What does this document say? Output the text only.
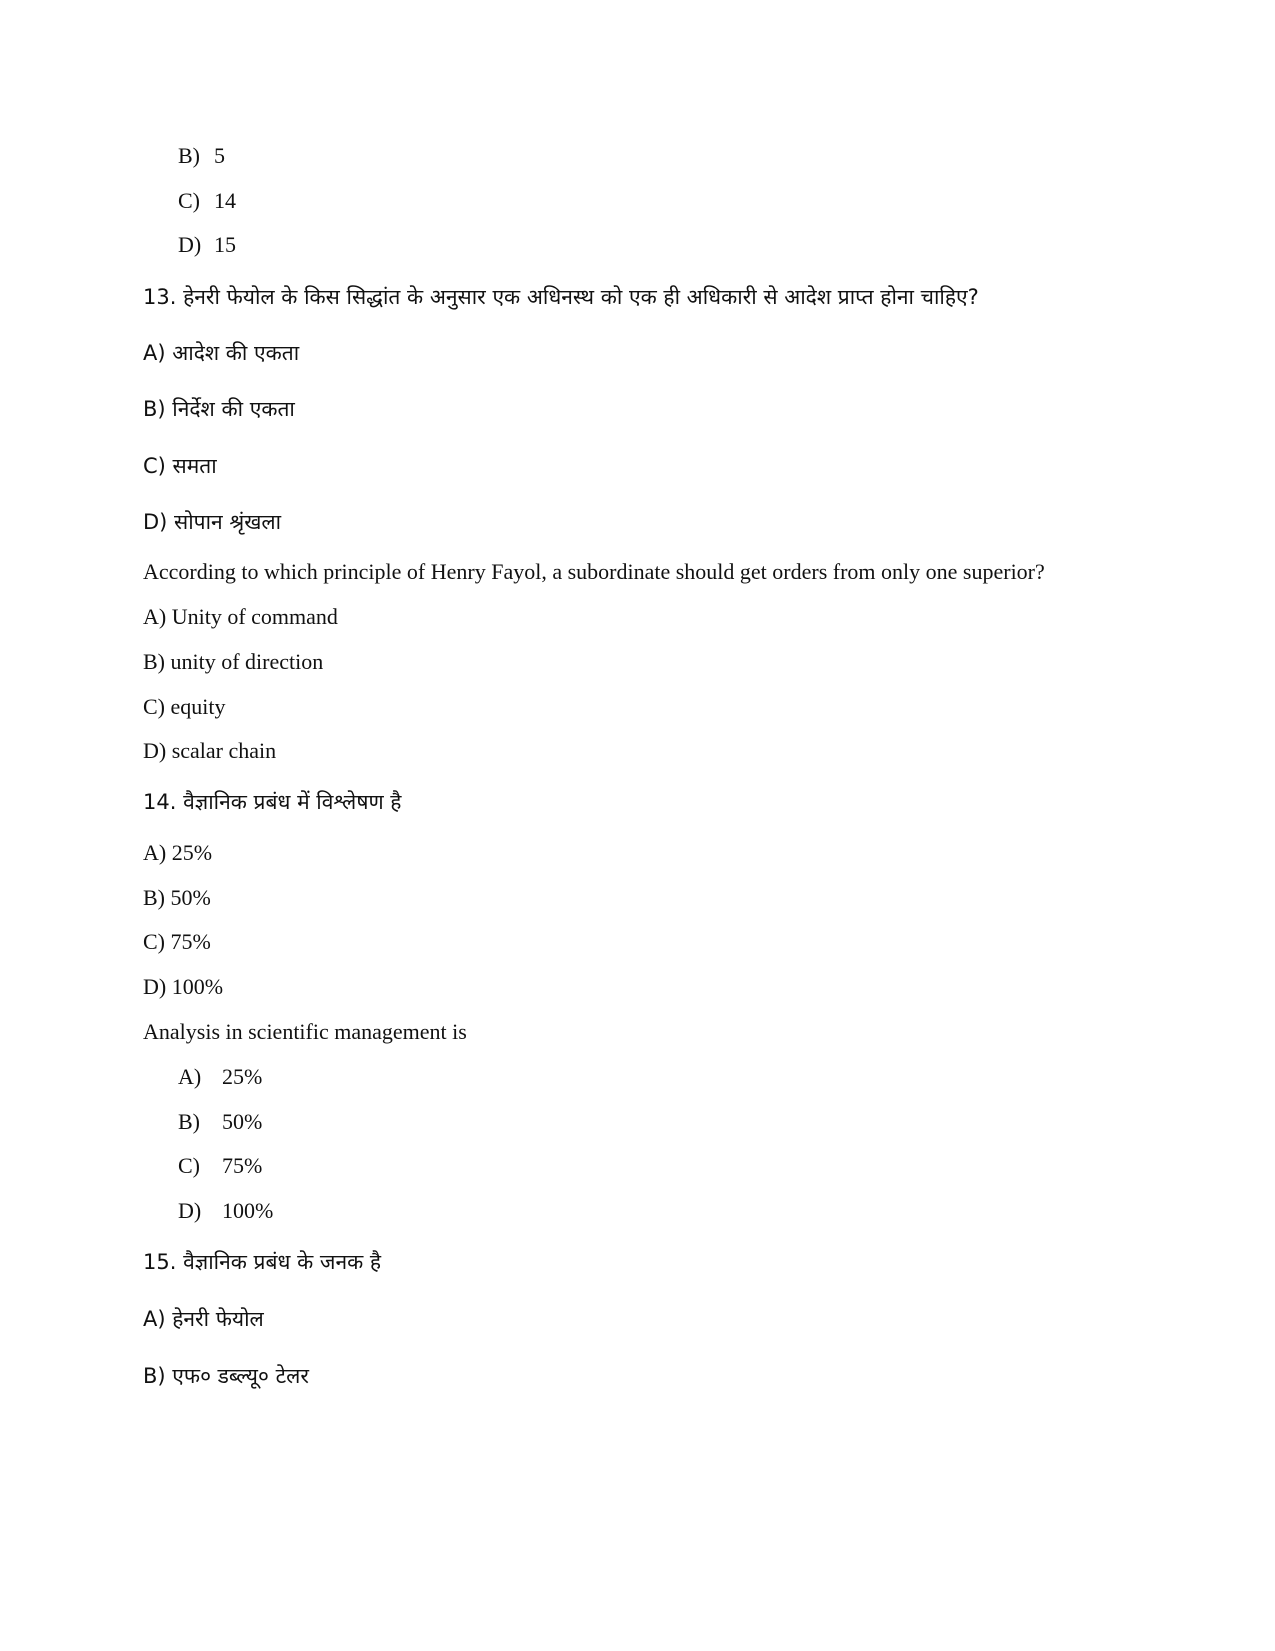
B) 5
C) 14
D) 15
13. हेनरी फेयोल के किस सिद्धांत के अनुसार एक अधिनस्थ को एक ही अधिकारी से आदेश प्राप्त होना चाहिए?
A) आदेश की एकता
B) निर्देश की एकता
C) समता
D) सोपान श्रृंखला
According to which principle of Henry Fayol, a subordinate should get orders from only one superior?
A) Unity of command
B) unity of direction
C) equity
D) scalar chain
14. वैज्ञानिक प्रबंध में विश्लेषण है
A) 25%
B) 50%
C) 75%
D) 100%
Analysis in scientific management is
A) 25%
B) 50%
C) 75%
D) 100%
15. वैज्ञानिक प्रबंध के जनक है
A) हेनरी फेयोल
B) एफ० डब्ल्यू० टेलर
